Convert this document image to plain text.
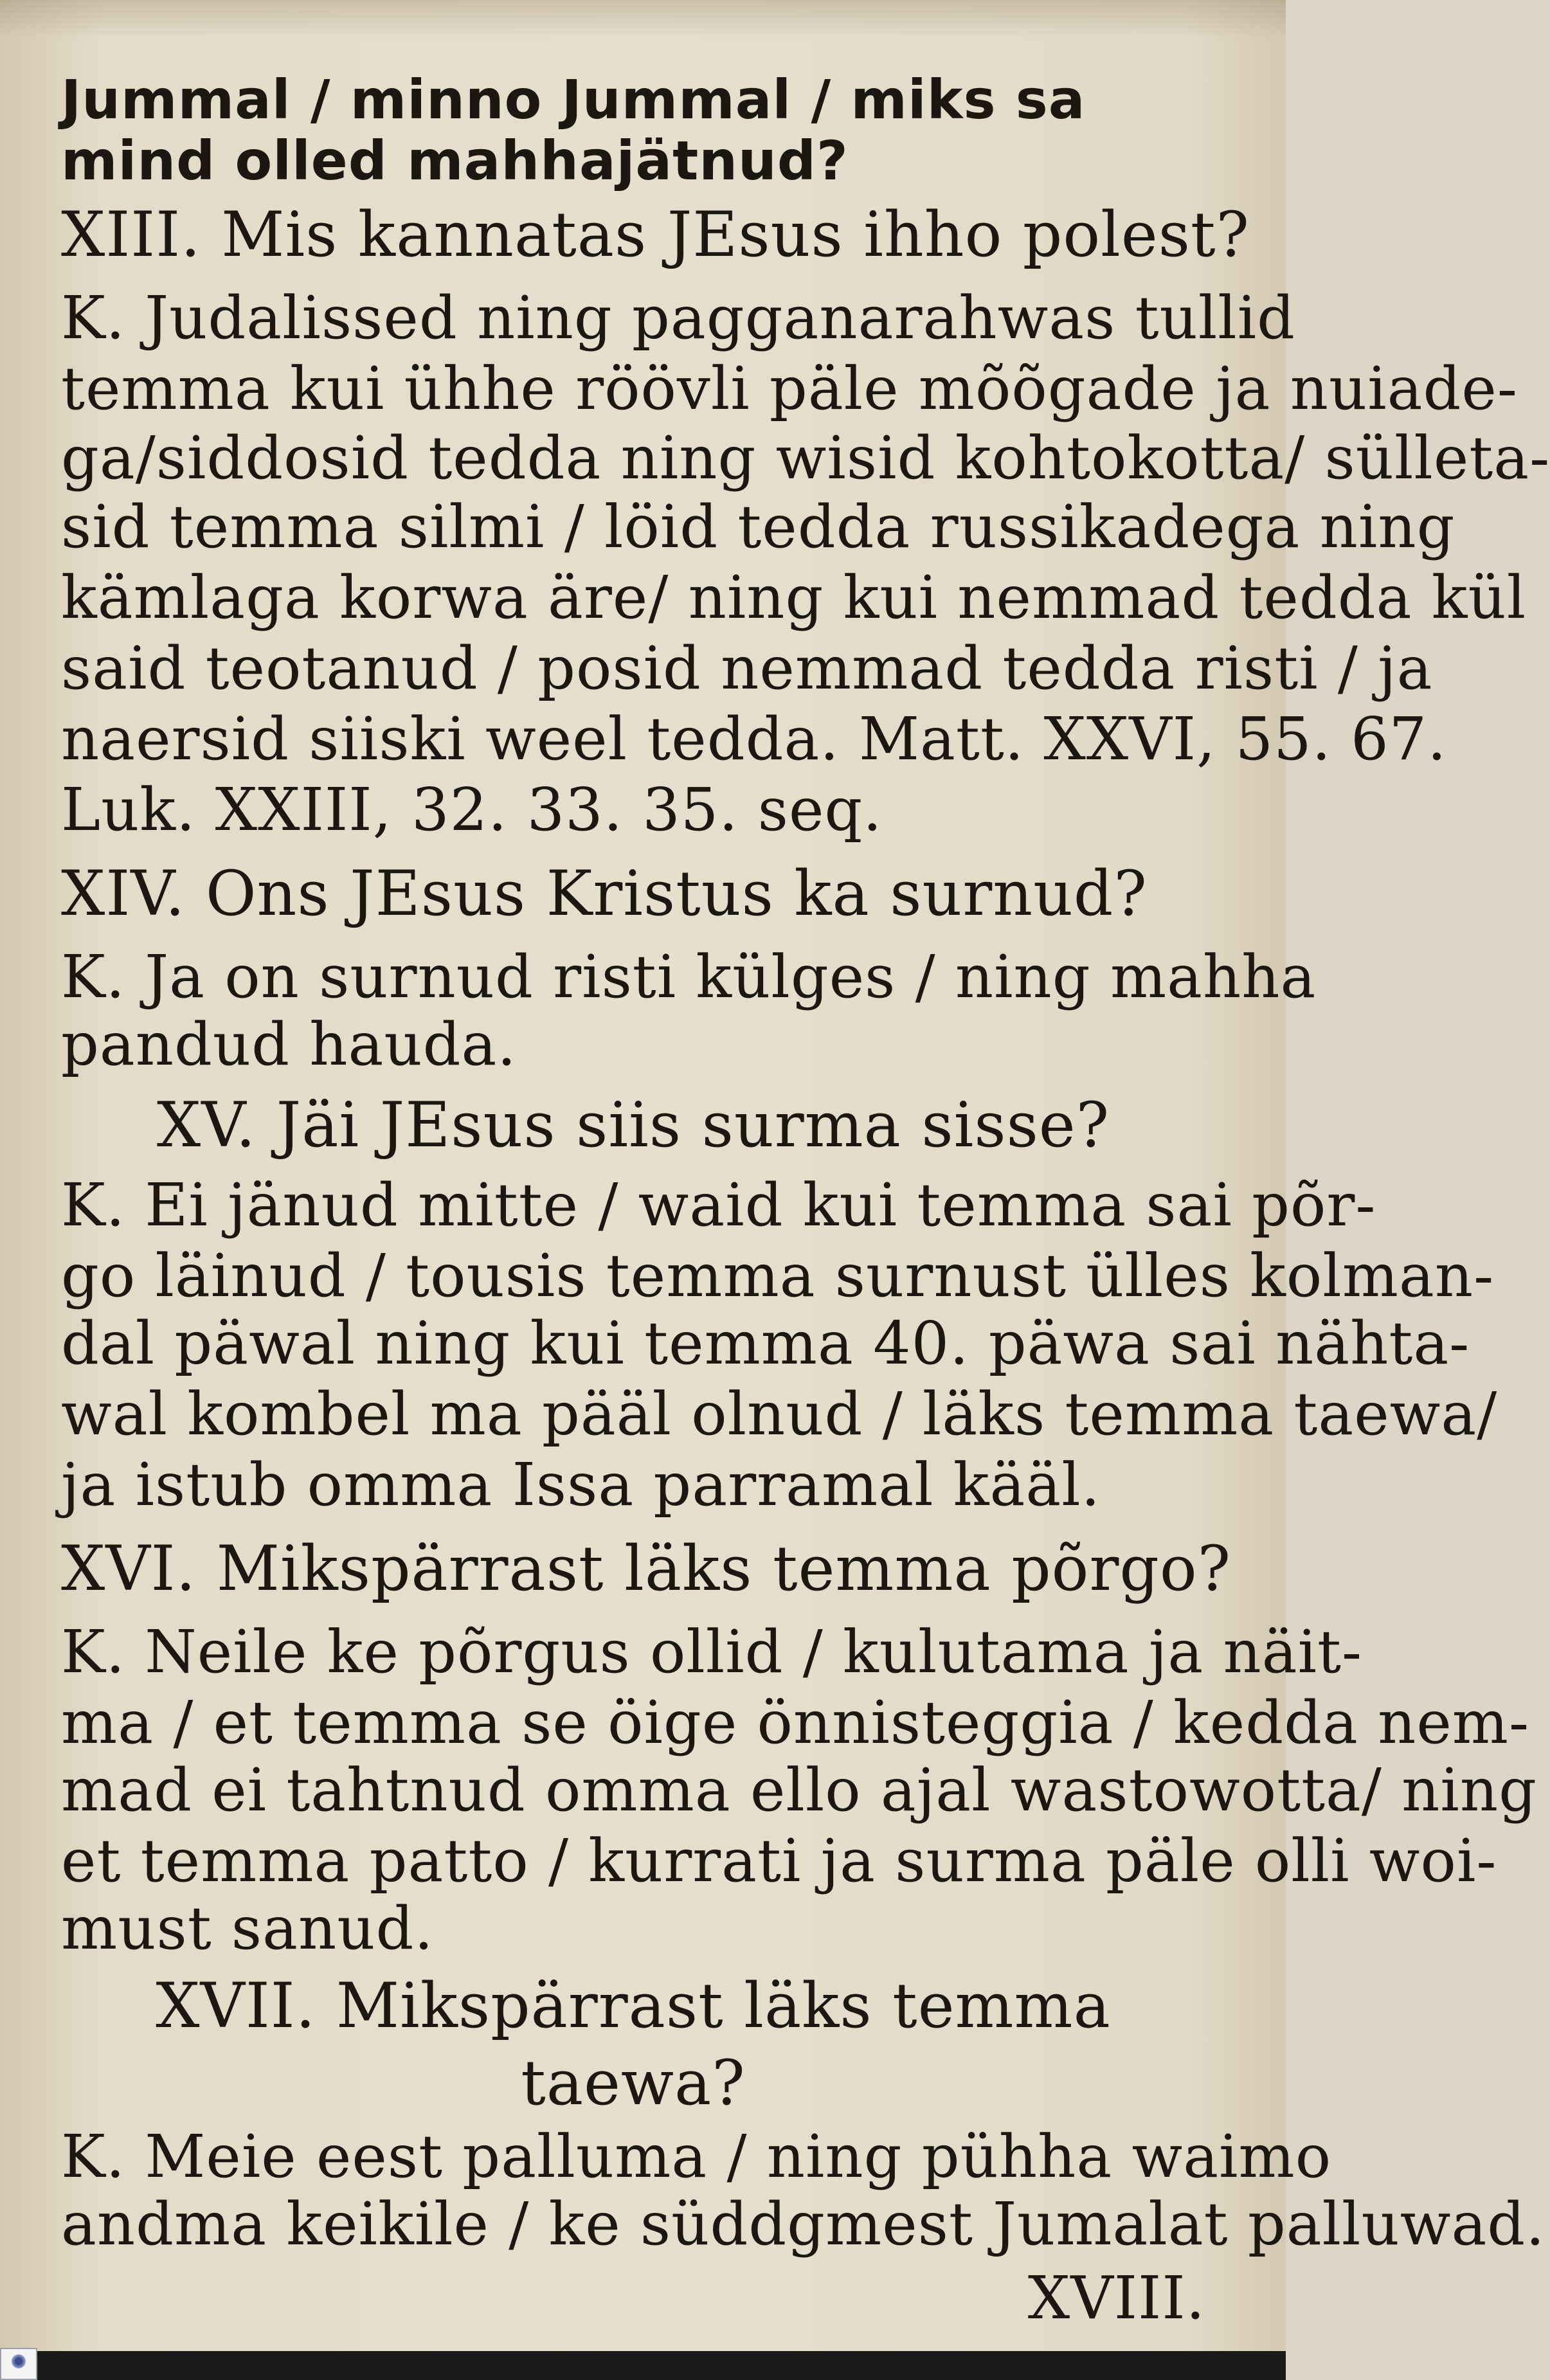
Jummal / minno Jummal / miks sa
mind olled mahhajätnud?
XIII. Mis kannatas JEsus ihho polest?
K. Judalissed ning pagganarahwas tullid
temma kui ühhe röövli päle mõõgade ja nuiade-
ga/siddosid tedda ning wisid kohtokotta/ sülleta-
sid temma silmi / löid tedda russikadega ning
kämlaga korwa äre/ ning kui nemmad tedda kül
said teotanud / posid nemmad tedda risti / ja
naersid siiski weel tedda. Matt. XXVI, 55. 67.
Luk. XXIII, 32. 33. 35. seq.
XIV. Ons JEsus Kristus ka surnud?
K. Ja on surnud risti külges / ning mahha
pandud hauda.
XV. Jäi JEsus siis surma sisse?
K. Ei jänud mitte / waid kui temma sai põr-
go läinud / tousis temma surnust ülles kolman-
dal päwal ning kui temma 40. päwa sai nähta-
wal kombel ma pääl olnud / läks temma taewa/
ja istub omma Issa parramal kääl.
XVI. Mikspärrast läks temma põrgo?
K. Neile ke põrgus ollid / kulutama ja näit-
ma / et temma se öige önnisteggia / kedda nem-
mad ei tahtnud omma ello ajal wastowotta/ ning
et temma patto / kurrati ja surma päle olli woi-
must sanud.
XVII. Mikspärrast läks temma
taewa?
K. Meie eest palluma / ning pühha waimo
andma keikile / ke süddgmest Jumalat palluwad.
XVIII.
